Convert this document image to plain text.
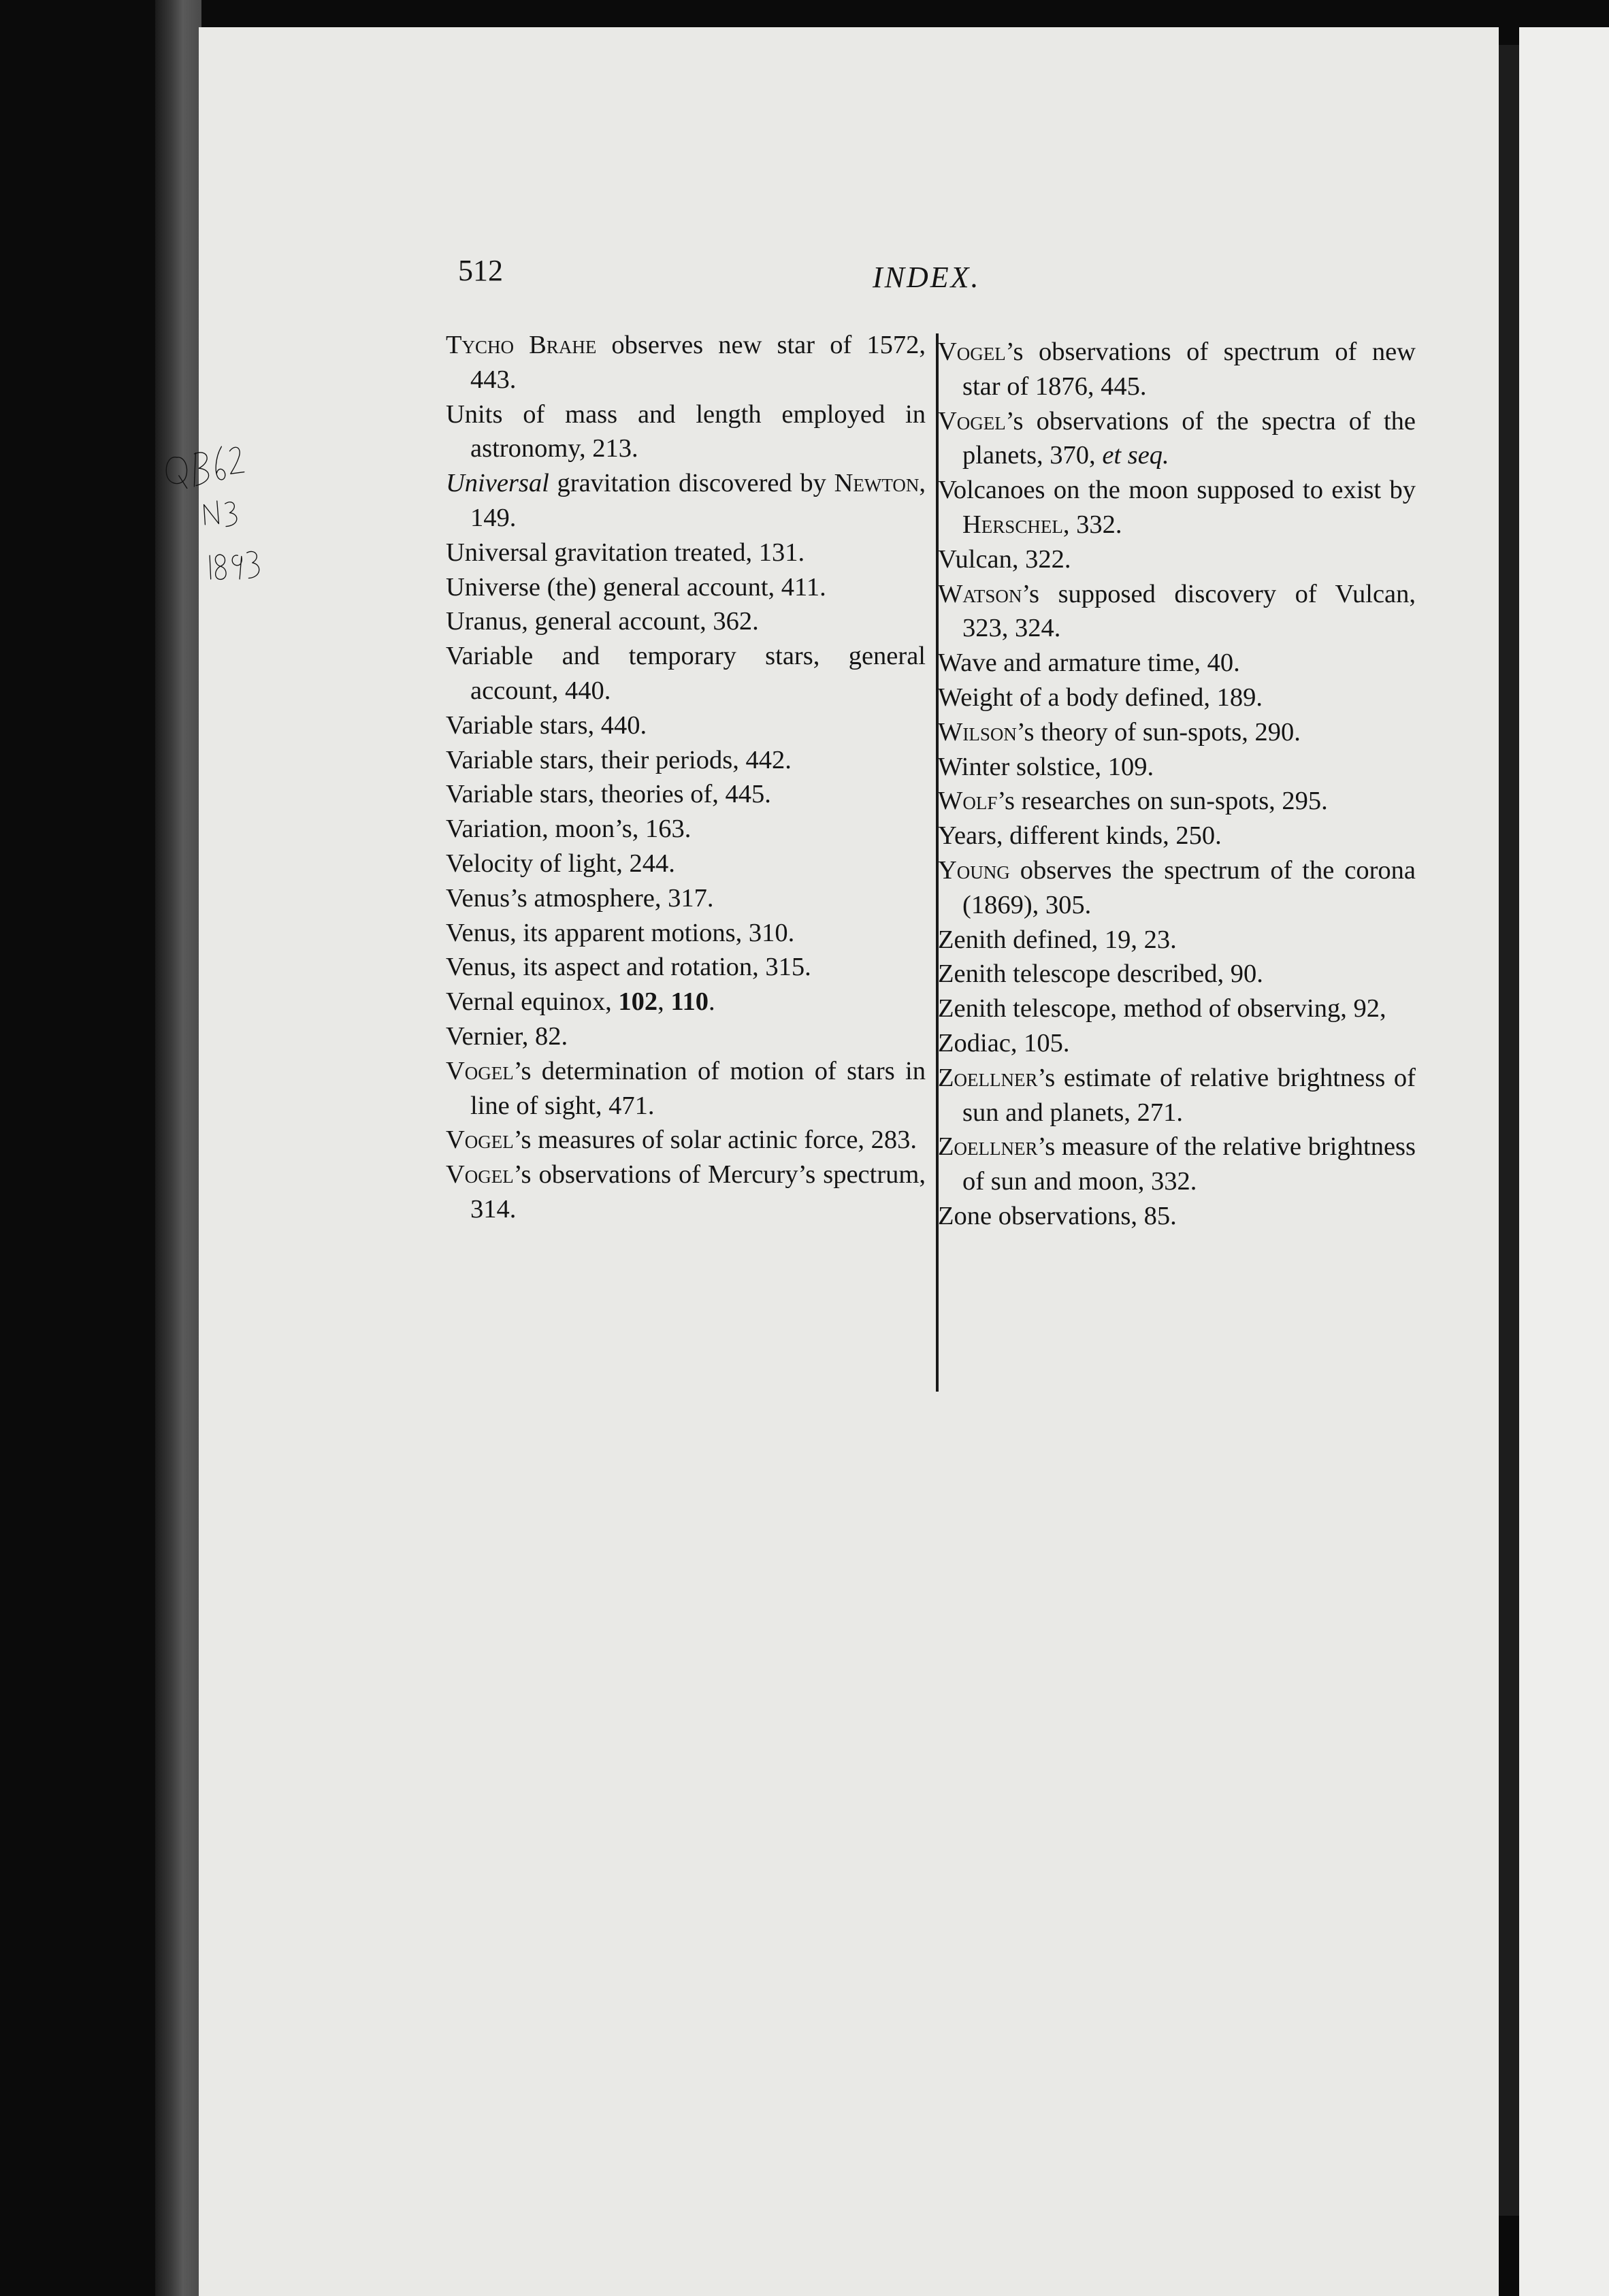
512	INDEX.
Tycho Brahe observes new star of 1572, 443.
Units of mass and length employed in astronomy, 213.
Universal gravitation discovered by Newton, 149.
Universal gravitation treated, 131.
Universe (the) general account, 411.
Uranus, general account, 362.
Variable and temporary stars, general account, 440.
Variable stars, 440.
Variable stars, their periods, 442.
Variable stars, theories of, 445.
Variation, moon’s, 163.
Velocity of light, 244.
Venus’s atmosphere, 317.
Venus, its apparent motions, 310.
Venus, its aspect and rotation, 315.
Vernal equinox, 102, 110.
Vernier, 82.
Vogel’s determination of motion of stars in line of sight, 471.
Vogel’s measures of solar actinic force, 283.
Vogel’s observations of Mercury’s spectrum, 314.
Vogel’s observations of spectrum of new star of 1876, 445.
Vogel’s observations of the spectra of the planets, 370, et seq.
Volcanoes on the moon supposed to exist by Herschel, 332.
Vulcan, 322.
Watson’s supposed discovery of Vulcan, 323, 324.
Wave and armature time, 40.
Weight of a body defined, 189.
Wilson’s theory of sun-spots, 290.
Winter solstice, 109.
Wolf’s researches on sun-spots, 295.
Years, different kinds, 250.
Young observes the spectrum of the corona (1869), 305.
Zenith defined, 19, 23.
Zenith telescope described, 90.
Zenith telescope, method of observing, 92,
Zodiac, 105.
Zoellner’s estimate of relative brightness of sun and planets, 271.
Zoellner’s measure of the relative brightness of sun and moon, 332.
Zone observations, 85.
